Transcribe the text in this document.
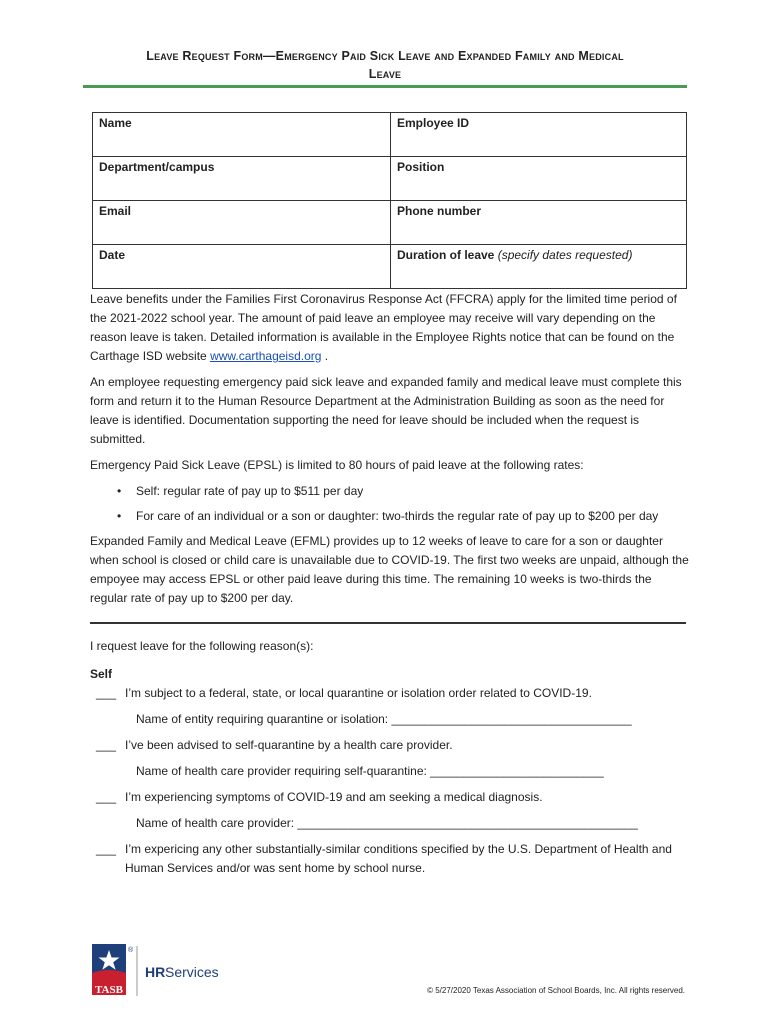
Leave Request Form—Emergency Paid Sick Leave and Expanded Family and Medical
Leave
Name	Employee ID
Department/campus	Position
Email	Phone number
Date	Duration of leave (specify dates requested)

Leave benefits under the Families First Coronavirus Response Act (FFCRA) apply for the limited time period of the 2021-2022 school year. The amount of paid leave an employee may receive will vary depending on the reason leave is taken. Detailed information is available in the Employee Rights notice that can be found on the Carthage ISD website www.carthageisd.org .

An employee requesting emergency paid sick leave and expanded family and medical leave must complete this form and return it to the Human Resource Department at the Administration Building as soon as the need for leave is identified. Documentation supporting the need for leave should be included when the request is submitted.

Emergency Paid Sick Leave (EPSL) is limited to 80 hours of paid leave at the following rates:

• Self: regular rate of pay up to $511 per day
• For care of an individual or a son or daughter: two-thirds the regular rate of pay up to $200 per day

Expanded Family and Medical Leave (EFML) provides up to 12 weeks of leave to care for a son or daughter when school is closed or child care is unavailable due to COVID-19. The first two weeks are unpaid, although the empoyee may access EPSL or other paid leave during this time. The remaining 10 weeks is two-thirds the regular rate of pay up to $200 per day.

I request leave for the following reason(s):

Self

___ I’m subject to a federal, state, or local quarantine or isolation order related to COVID-19.

Name of entity requiring quarantine or isolation: ____________________________________

___ I’ve been advised to self-quarantine by a health care provider.

Name of health care provider requiring self-quarantine: __________________________

___ I’m experiencing symptoms of COVID-19 and am seeking a medical diagnosis.

Name of health care provider: ___________________________________________________

___ I’m expericing any other substantially-similar conditions specified by the U.S. Department of Health and Human Services and/or was sent home by school nurse.
TASB
®
HR Services
© 5/27/2020 Texas Association of School Boards, Inc. All rights reserved.
